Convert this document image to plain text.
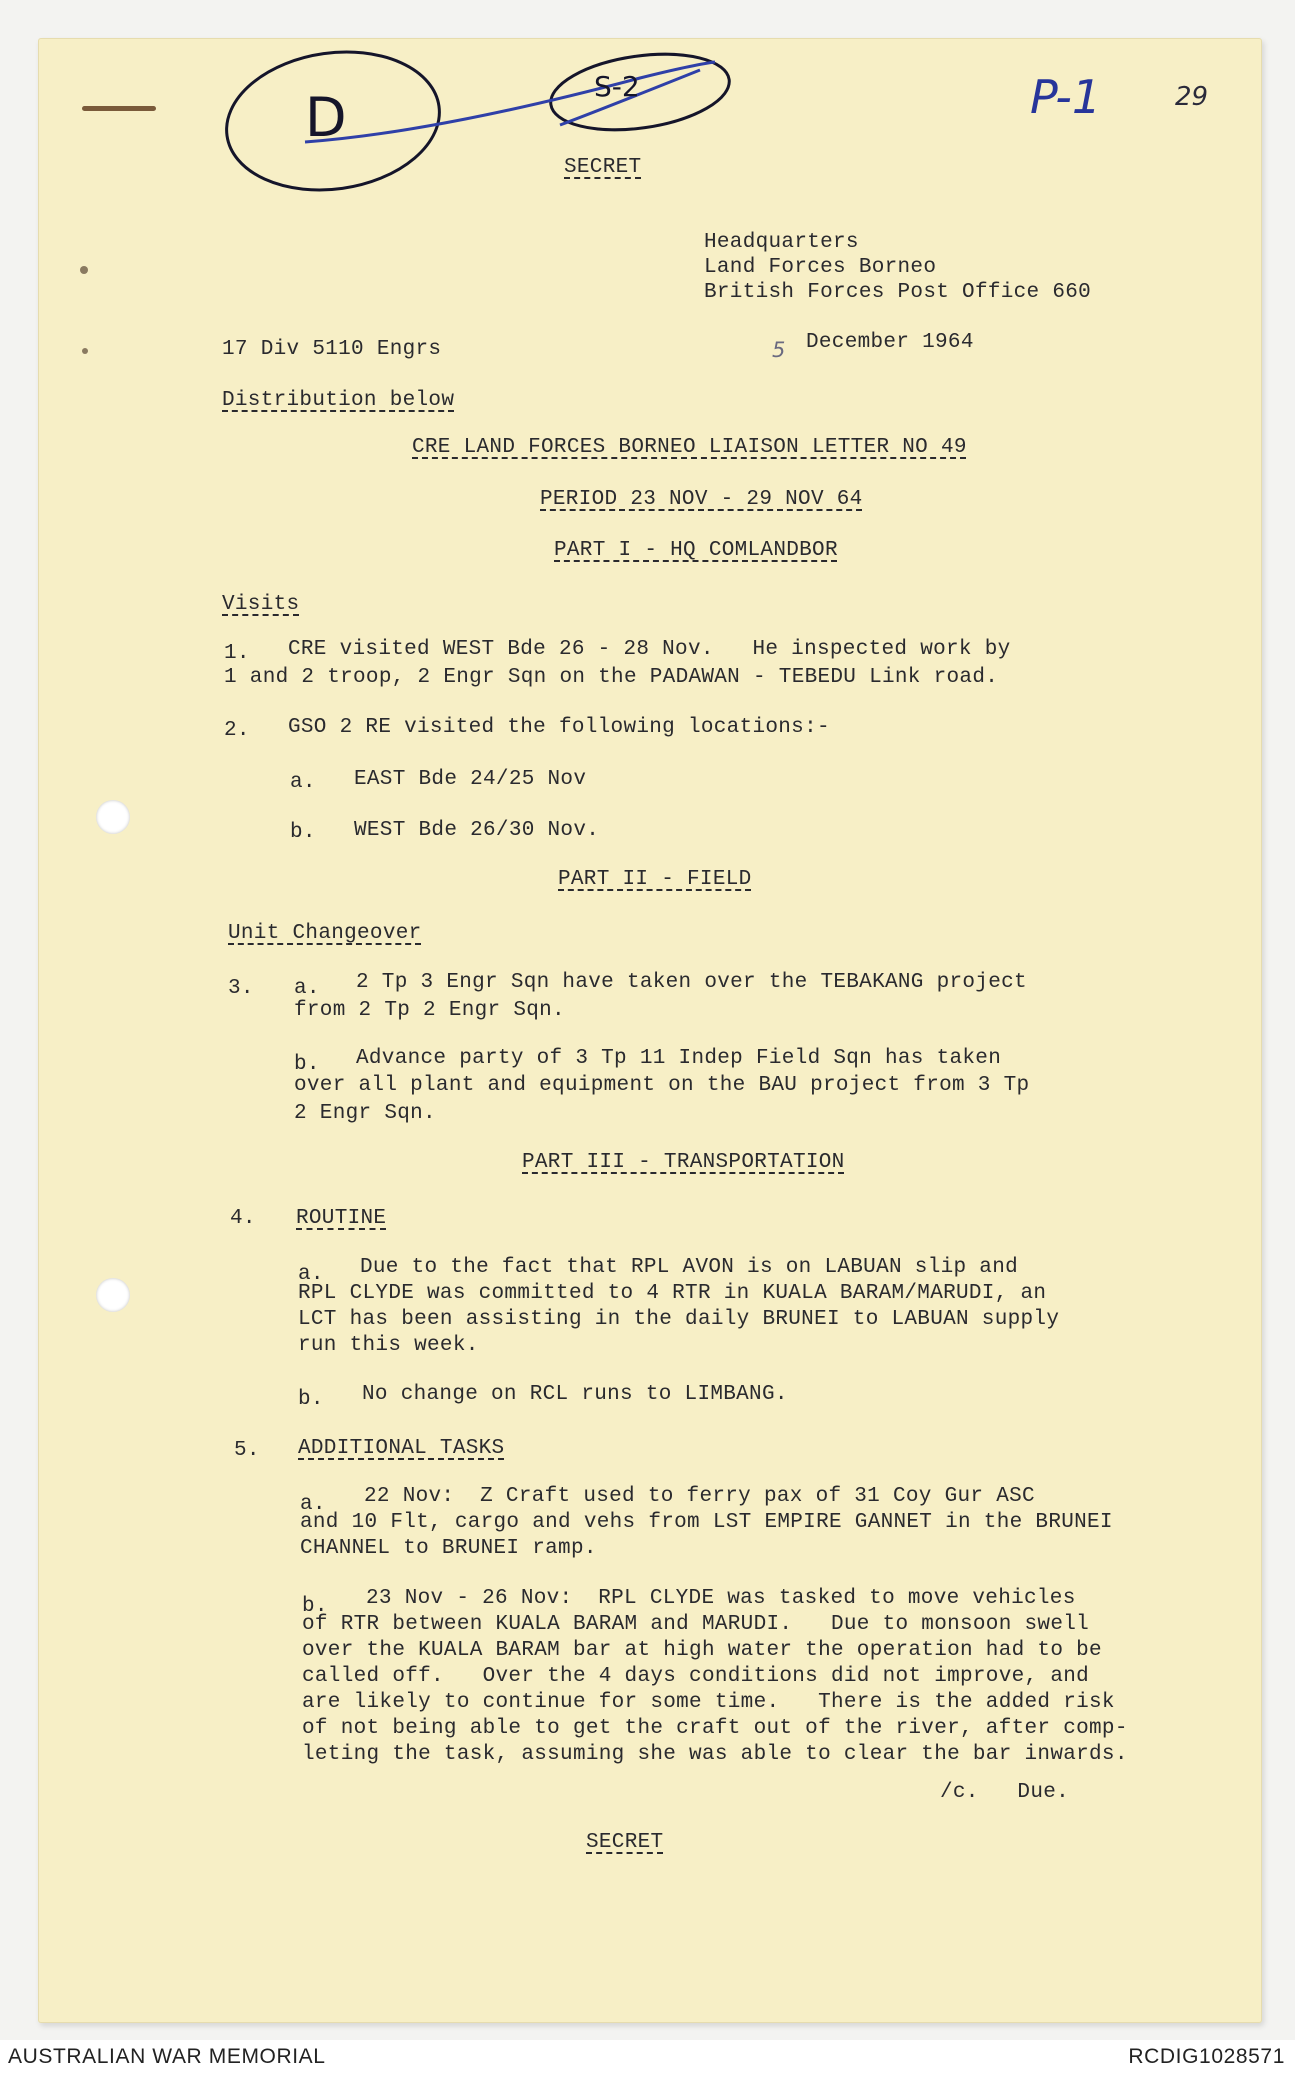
D	S-2	P-1	29
SECRET
Headquarters
Land Forces Borneo
British Forces Post Office 660
17 Div 5110 Engrs	5 December 1964
Distribution below
CRE LAND FORCES BORNEO LIAISON LETTER NO 49
PERIOD 23 NOV - 29 NOV 64
PART I - HQ COMLANDBOR
Visits
1. CRE visited WEST Bde 26 - 28 Nov.   He inspected work by
1 and 2 troop, 2 Engr Sqn on the PADAWAN - TEBEDU Link road.
2. GSO 2 RE visited the following locations:-
a. EAST Bde 24/25 Nov
b. WEST Bde 26/30 Nov.
PART II - FIELD
Unit Changeover
3. a. 2 Tp 3 Engr Sqn have taken over the TEBAKANG project
from 2 Tp 2 Engr Sqn.
b. Advance party of 3 Tp 11 Indep Field Sqn has taken
over all plant and equipment on the BAU project from 3 Tp
2 Engr Sqn.
PART III - TRANSPORTATION
4. ROUTINE
a. Due to the fact that RPL AVON is on LABUAN slip and
RPL CLYDE was committed to 4 RTR in KUALA BARAM/MARUDI, an
LCT has been assisting in the daily BRUNEI to LABUAN supply
run this week.
b. No change on RCL runs to LIMBANG.
5. ADDITIONAL TASKS
a. 22 Nov:  Z Craft used to ferry pax of 31 Coy Gur ASC
and 10 Flt, cargo and vehs from LST EMPIRE GANNET in the BRUNEI
CHANNEL to BRUNEI ramp.
b. 23 Nov - 26 Nov:  RPL CLYDE was tasked to move vehicles
of RTR between KUALA BARAM and MARUDI.   Due to monsoon swell
over the KUALA BARAM bar at high water the operation had to be
called off.   Over the 4 days conditions did not improve, and
are likely to continue for some time.   There is the added risk
of not being able to get the craft out of the river, after comp-
leting the task, assuming she was able to clear the bar inwards.
/c.   Due.
SECRET
AUSTRALIAN WAR MEMORIAL	RCDIG1028571
